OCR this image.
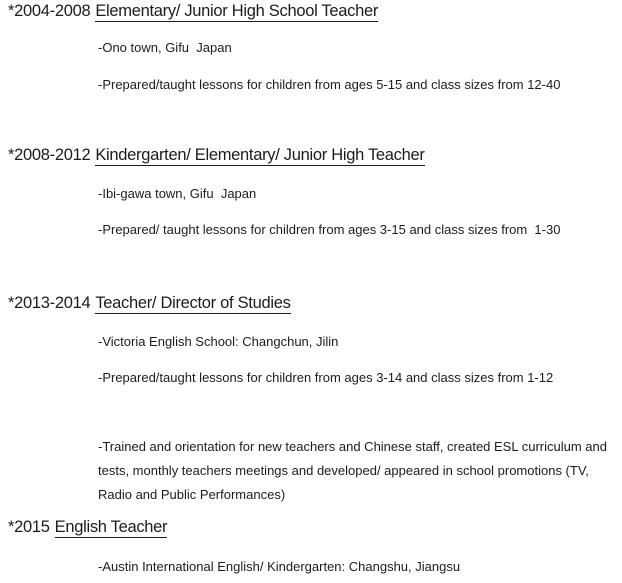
*2004-2008 Elementary/ Junior High School Teacher
-Ono town, Gifu  Japan
-Prepared/taught lessons for children from ages 5-15 and class sizes from 12-40
*2008-2012 Kindergarten/ Elementary/ Junior High Teacher
-Ibi-gawa town, Gifu  Japan
-Prepared/ taught lessons for children from ages 3-15 and class sizes from  1-30
*2013-2014 Teacher/ Director of Studies
-Victoria English School: Changchun, Jilin
-Prepared/taught lessons for children from ages 3-14 and class sizes from 1-12
-Trained and orientation for new teachers and Chinese staff, created ESL curriculum and tests, monthly teachers meetings and developed/ appeared in school promotions (TV, Radio and Public Performances)
*2015 English Teacher
-Austin International English/ Kindergarten: Changshu, Jiangsu
